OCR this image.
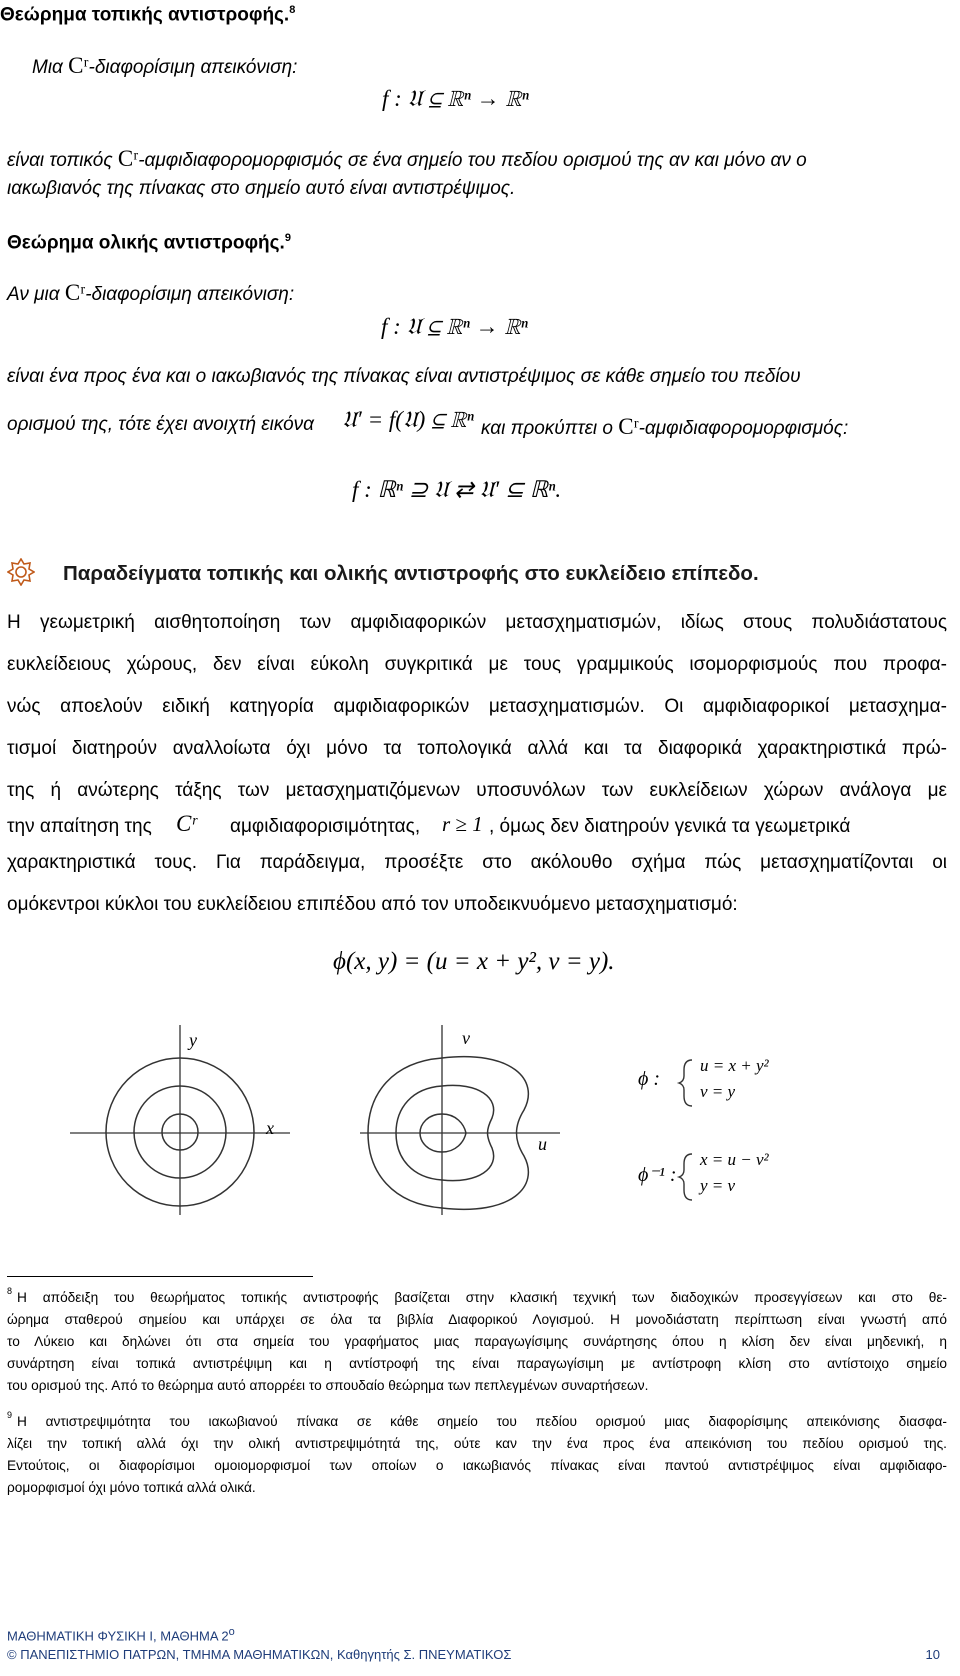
Θεώρημα τοπικής αντιστροφής.$^8$
Μια Cʳ-διαφορίσιμη απεικόνιση:
f : 𝔘 ⊆ ℝⁿ → ℝⁿ
είναι τοπικός Cʳ-αμφιδιαφορομορφισμός σε ένα σημείο του πεδίου ορισμού της αν και μόνο αν ο
ιακωβιανός της πίνακας στο σημείο αυτό είναι αντιστρέψιμος.
Θεώρημα ολικής αντιστροφής.$^9$
Αν μια Cʳ-διαφορίσιμη απεικόνιση:
f : 𝔘 ⊆ ℝⁿ → ℝⁿ
είναι ένα προς ένα και ο ιακωβιανός της πίνακας είναι αντιστρέψιμος σε κάθε σημείο του πεδίου
ορισμού της, τότε έχει ανοιχτή εικόνα 𝔘′ = f(𝔘) ⊆ ℝⁿ και προκύπτει ο Cʳ-αμφιδιαφορομορφισμός:
f : ℝⁿ ⊇ 𝔘 ⇄ 𝔘′ ⊆ ℝⁿ.
Παραδείγματα τοπικής και ολικής αντιστροφής στο ευκλείδειο επίπεδο.
Η γεωμετρική αισθητοποίηση των αμφιδιαφορικών μετασχηματισμών, ιδίως στους πολυδιάστατους
ευκλείδειους χώρους, δεν είναι εύκολη συγκριτικά με τους γραμμικούς ισομορφισμούς που προφα-
νώς αποελούν ειδική κατηγορία αμφιδιαφορικών μετασχηματισμών. Οι αμφιδιαφορικοί μετασχημα-
τισμοί διατηρούν αναλλοίωτα όχι μόνο τα τοπολογικά αλλά και τα διαφορικά χαρακτηριστικά πρώ-
της ή ανώτερης τάξης των μετασχηματιζόμενων υποσυνόλων των ευκλείδειων χώρων ανάλογα με
την απαίτηση της Cʳ αμφιδιαφορισιμότητας, r ≥ 1 , όμως δεν διατηρούν γενικά τα γεωμετρικά
χαρακτηριστικά τους. Για παράδειγμα, προσέξτε στο ακόλουθο σχήμα πώς μετασχηματίζονται οι
ομόκεντροι κύκλοι του ευκλείδειου επιπέδου από τον υποδεικνυόμενο μετασχηματισμό:
ϕ(x, y) = (u = x + y², v = y).
y
x
v
u
ϕ :
u = x + y²
v = y
ϕ⁻¹ :
x = u − v²
y = v
8 Η απόδειξη του θεωρήματος τοπικής αντιστροφής βασίζεται στην κλασική τεχνική των διαδοχικών προσεγγίσεων και στο θε-
ώρημα σταθερού σημείου και υπάρχει σε όλα τα βιβλία Διαφορικού Λογισμού. Η μονοδιάστατη περίπτωση είναι γνωστή από
το Λύκειο και δηλώνει ότι στα σημεία του γραφήματος μιας παραγωγίσιμης συνάρτησης όπου η κλίση δεν είναι μηδενική, η
συνάρτηση είναι τοπικά αντιστρέψιμη και η αντίστροφή της είναι παραγωγίσιμη με αντίστροφη κλίση στο αντίστοιχο σημείο
του ορισμού της. Από το θεώρημα αυτό απορρέει το σπουδαίο θεώρημα των πεπλεγμένων συναρτήσεων.
9 Η αντιστρεψιμότητα του ιακωβιανού πίνακα σε κάθε σημείο του πεδίου ορισμού μιας διαφορίσιμης απεικόνισης διασφα-
λίζει την τοπική αλλά όχι την ολική αντιστρεψιμότητά της, ούτε καν την ένα προς ένα απεικόνιση του πεδίου ορισμού της.
Εντούτοις, οι διαφορίσιμοι ομοιομορφισμοί των οποίων ο ιακωβιανός πίνακας είναι παντού αντιστρέψιμος είναι αμφιδιαφο-
ρομορφισμοί όχι μόνο τοπικά αλλά ολικά.
ΜΑΘΗΜΑΤΙΚΗ ΦΥΣΙΚΗ Ι, ΜΑΘΗΜΑ $2^o$
© ΠΑΝΕΠΙΣΤΗΜΙΟ ΠΑΤΡΩΝ, ΤΜΗΜΑ ΜΑΘΗΜΑΤΙΚΩΝ, Καθηγητής Σ. ΠΝΕΥΜΑΤΙΚΟΣ	10
